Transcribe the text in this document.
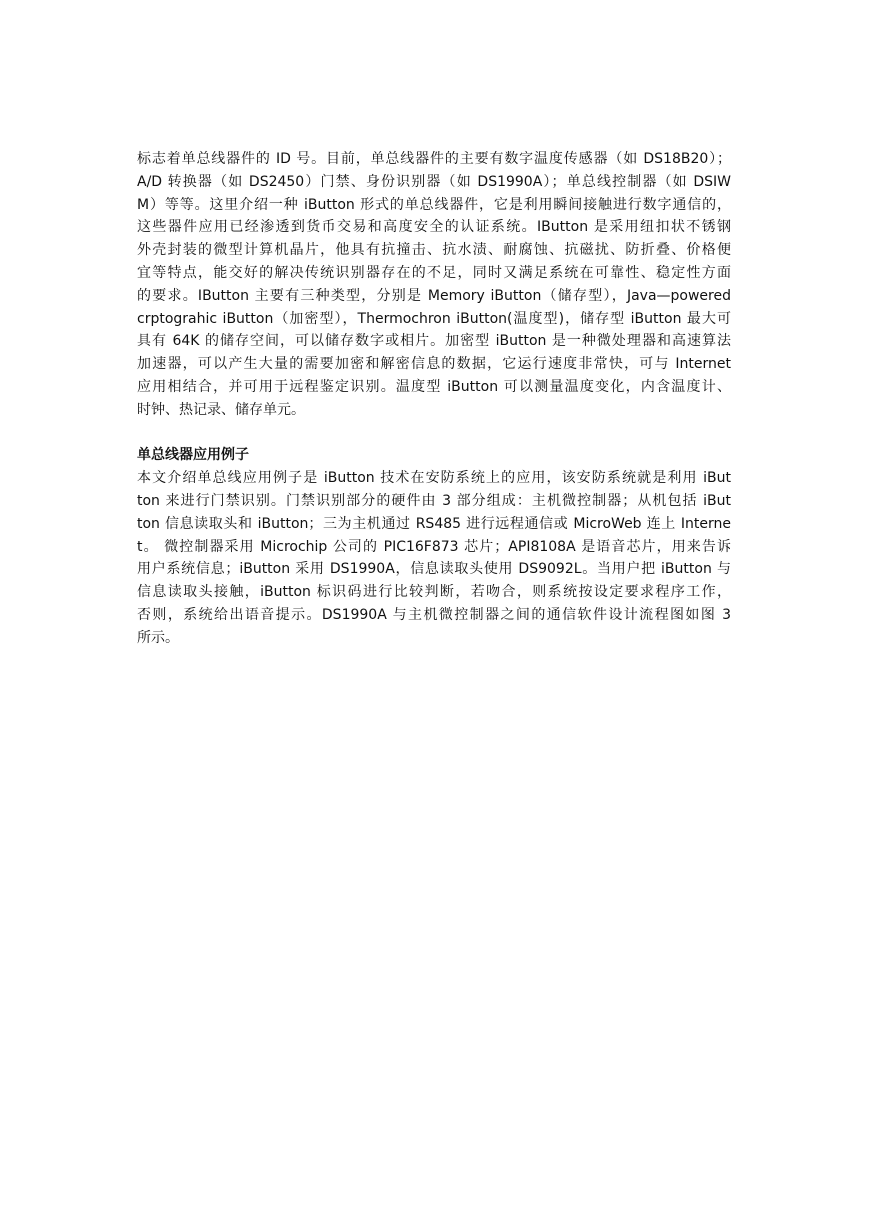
标志着单总线器件的 ID 号。目前，单总线器件的主要有数字温度传感器（如 DS18B20）；
A/D 转换器（如 DS2450）门禁、身份识别器（如 DS1990A）；单总线控制器（如 DSIW
M）等等。这里介绍一种 iButton 形式的单总线器件，它是利用瞬间接触进行数字通信的，
这些器件应用已经渗透到货币交易和高度安全的认证系统。IButton 是采用纽扣状不锈钢
外壳封装的微型计算机晶片，他具有抗撞击、抗水渍、耐腐蚀、抗磁扰、防折叠、价格便
宜等特点，能交好的解决传统识别器存在的不足，同时又满足系统在可靠性、稳定性方面
的要求。IButton 主要有三种类型，分别是 Memory iButton（储存型），Java—powered
crptograhic iButton（加密型），Thermochron iButton(温度型)，储存型 iButton 最大可
具有 64K 的储存空间，可以储存数字或相片。加密型 iButton 是一种微处理器和高速算法
加速器，可以产生大量的需要加密和解密信息的数据，它运行速度非常快，可与 Internet
应用相结合，并可用于远程鉴定识别。温度型 iButton 可以测量温度变化，内含温度计、
时钟、热记录、储存单元。
单总线器应用例子
本文介绍单总线应用例子是 iButton 技术在安防系统上的应用，该安防系统就是利用 iBut
ton 来进行门禁识别。门禁识别部分的硬件由 3 部分组成：主机微控制器；从机包括 iBut
ton 信息读取头和 iButton；三为主机通过 RS485 进行远程通信或 MicroWeb 连上 Interne
t。 微控制器采用 Microchip 公司的 PIC16F873 芯片；API8108A 是语音芯片，用来告诉
用户系统信息；iButton 采用 DS1990A，信息读取头使用 DS9092L。当用户把 iButton 与
信息读取头接触，iButton 标识码进行比较判断，若吻合，则系统按设定要求程序工作，
否则，系统给出语音提示。DS1990A 与主机微控制器之间的通信软件设计流程图如图 3
所示。
